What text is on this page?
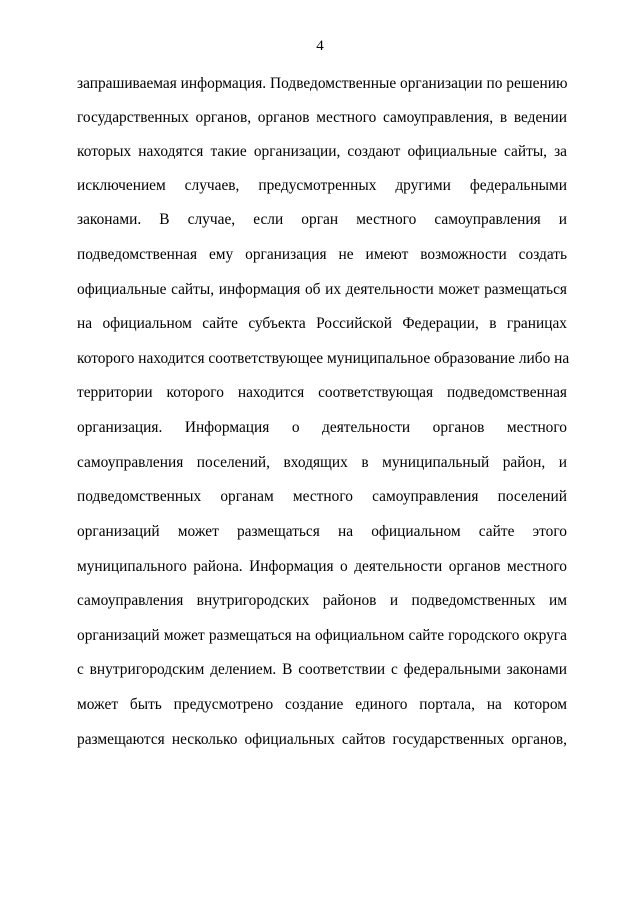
4
запрашиваемая информация. Подведомственные организации по решению
государственных органов, органов местного самоуправления, в ведении
которых находятся такие организации, создают официальные сайты, за
исключением случаев, предусмотренных другими федеральными
законами. В случае, если орган местного самоуправления и
подведомственная ему организация не имеют возможности создать
официальные сайты, информация об их деятельности может размещаться
на официальном сайте субъекта Российской Федерации, в границах
которого находится соответствующее муниципальное образование либо на
территории которого находится соответствующая подведомственная
организация. Информация о деятельности органов местного
самоуправления поселений, входящих в муниципальный район, и
подведомственных органам местного самоуправления поселений
организаций может размещаться на официальном сайте этого
муниципального района. Информация о деятельности органов местного
самоуправления внутригородских районов и подведомственных им
организаций может размещаться на официальном сайте городского округа
с внутригородским делением. В соответствии с федеральными законами
может быть предусмотрено создание единого портала, на котором
размещаются несколько официальных сайтов государственных органов,
